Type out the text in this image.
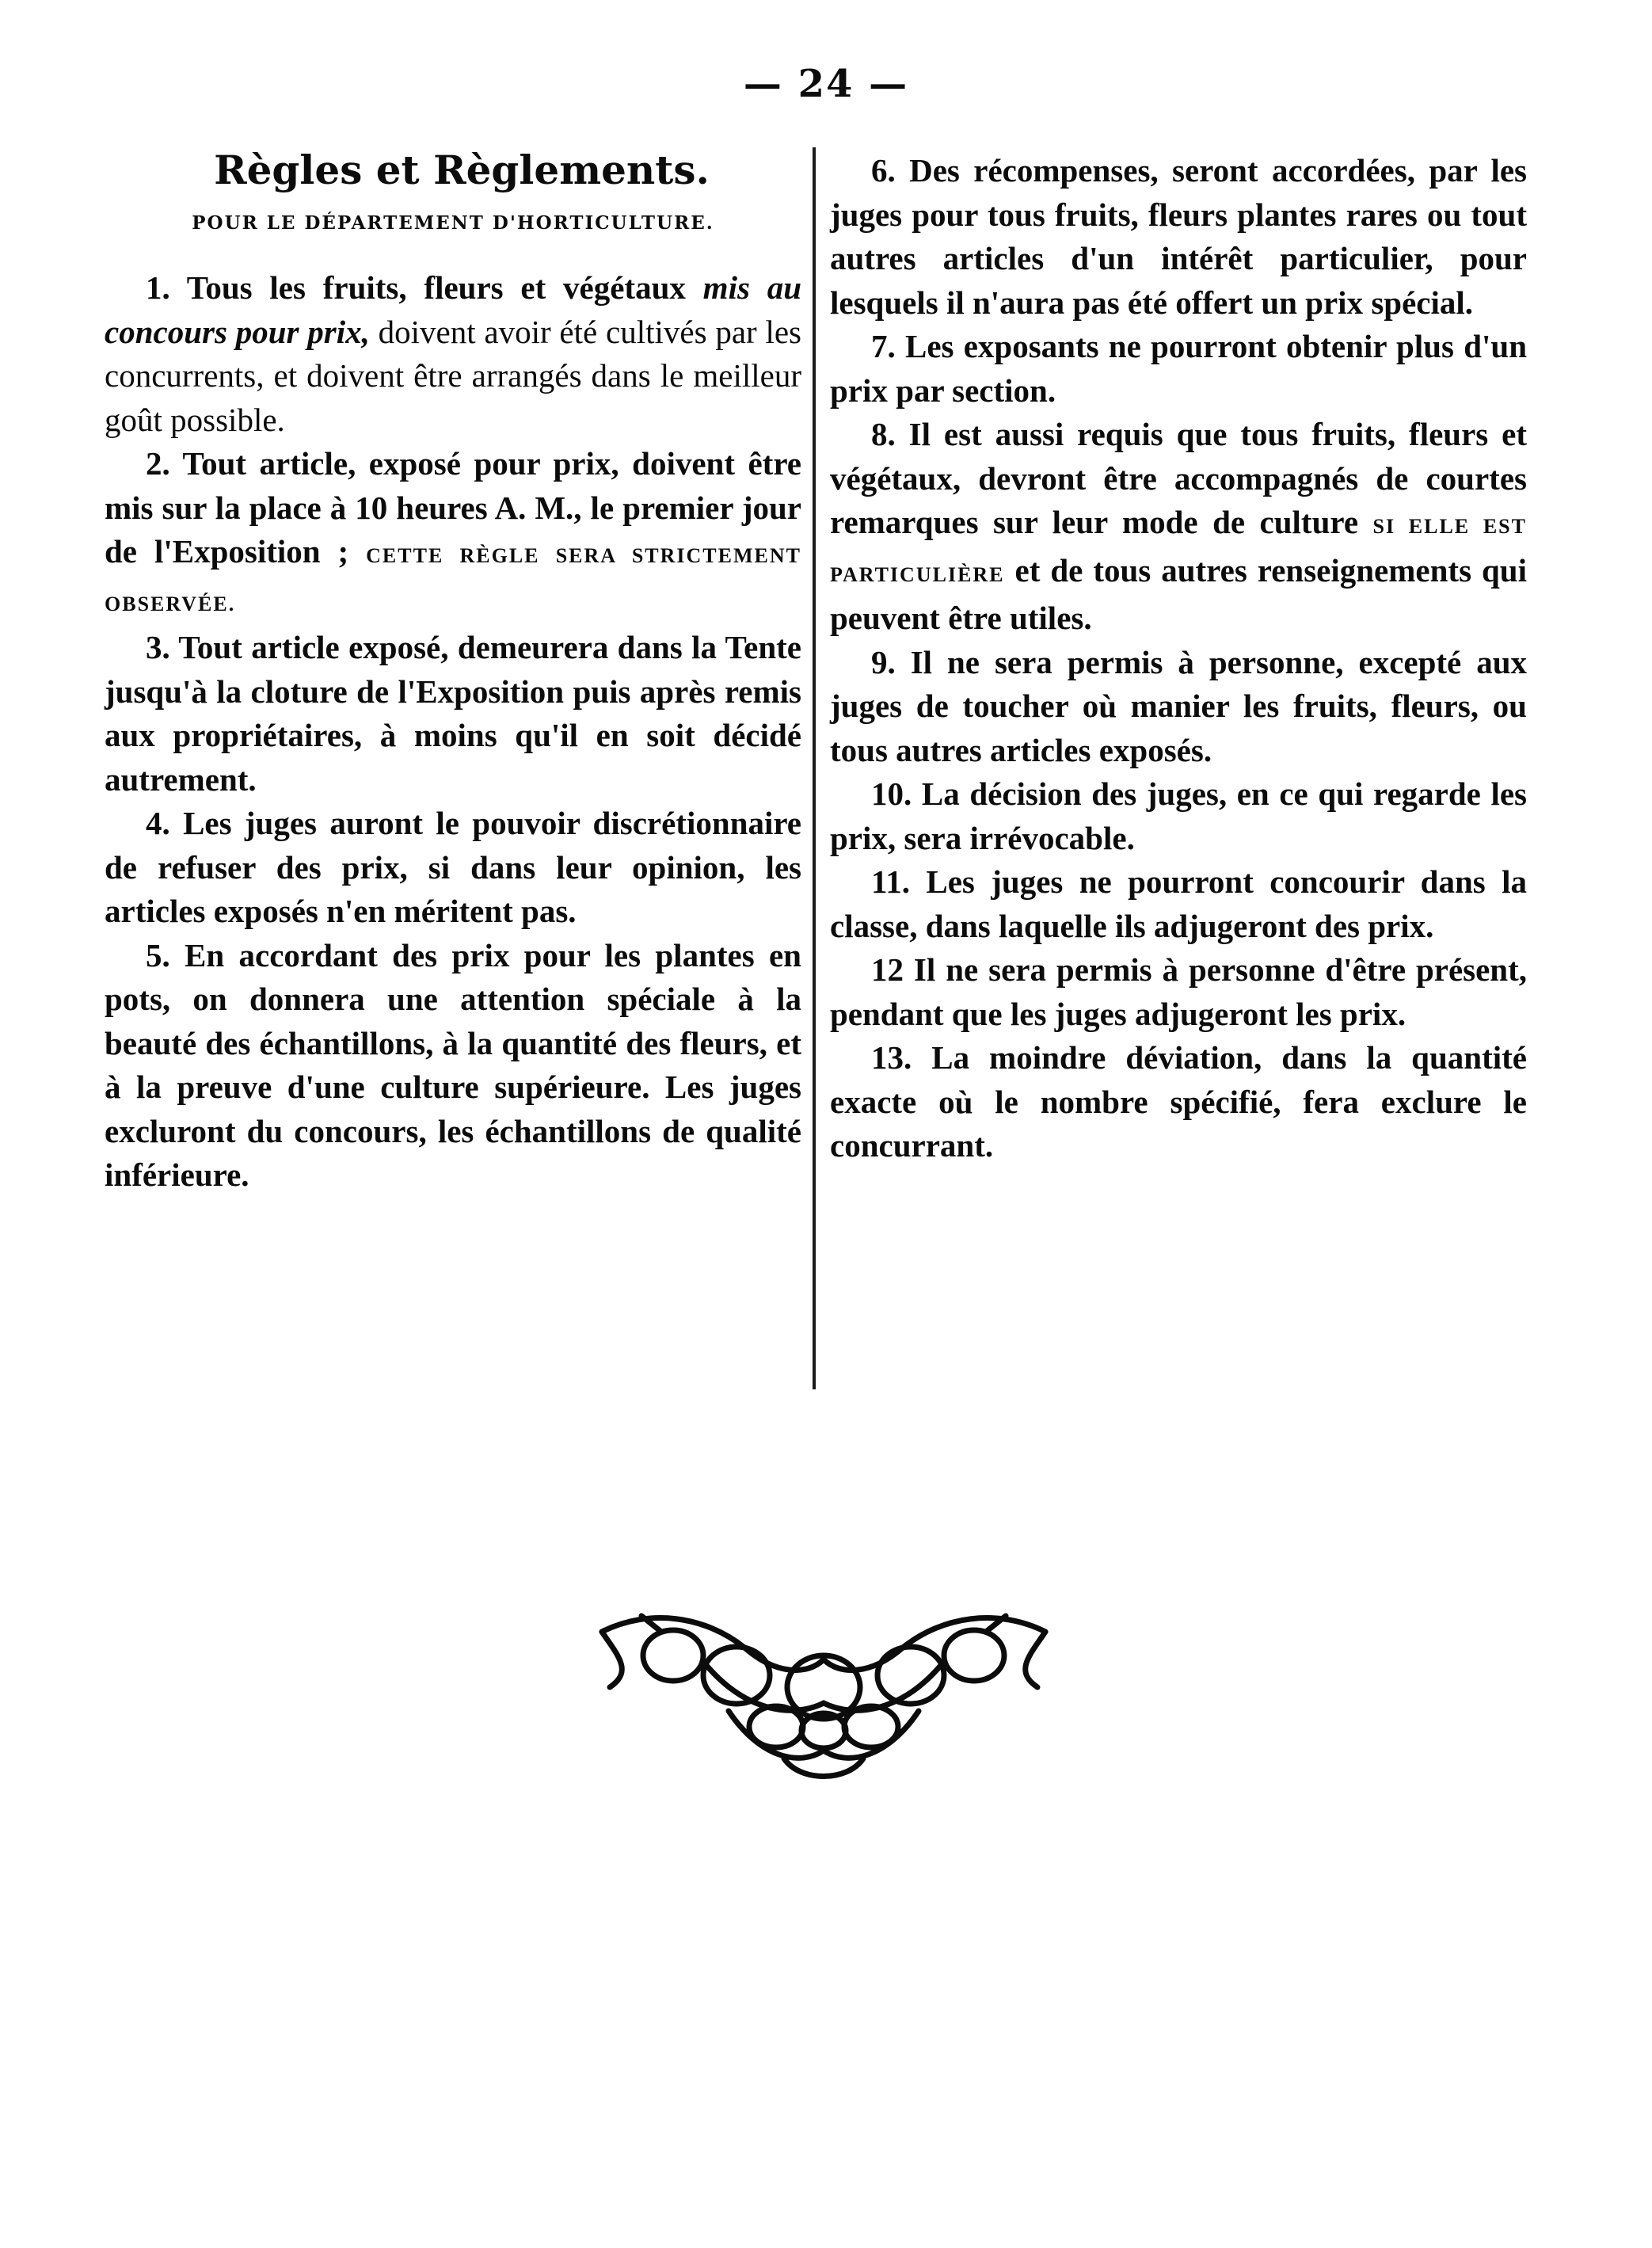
— 24 —
Règles et Règlements.
POUR LE DÉPARTEMENT D'HORTICULTURE.

1. Tous les fruits, fleurs et végétaux mis au concours pour prix, doivent avoir été cultivés par les concurrents, et doivent être arrangés dans le meilleur goût possible.

2. Tout article, exposé pour prix, doivent être mis sur la place à 10 heures A. M., le premier jour de l'Exposition ; CETTE RÈGLE SERA STRICTEMENT OBSERVÉE.

3. Tout article exposé, demeurera dans la Tente jusqu'à la cloture de l'Exposition puis après remis aux propriétaires, à moins qu'il en soit décidé autrement.

4. Les juges auront le pouvoir discrétionnaire de refuser des prix, si dans leur opinion, les articles exposés n'en méritent pas.

5. En accordant des prix pour les plantes en pots, on donnera une attention spéciale à la beauté des échantillons, à la quantité des fleurs, et à la preuve d'une culture supérieure. Les juges excluront du concours, les échantillons de qualité inférieure.

6. Des récompenses, seront accordées, par les juges pour tous fruits, fleurs plantes rares ou tout autres articles d'un intérêt particulier, pour lesquels il n'aura pas été offert un prix spécial.

7. Les exposants ne pourront obtenir plus d'un prix par section.

8. Il est aussi requis que tous fruits, fleurs et végétaux, devront être accompagnés de courtes remarques sur leur mode de culture SI ELLE EST PARTICULIÈRE et de tous autres renseignements qui peuvent être utiles.

9. Il ne sera permis à personne, excepté aux juges de toucher où manier les fruits, fleurs, ou tous autres articles exposés.

10. La décision des juges, en ce qui regarde les prix, sera irrévocable.

11. Les juges ne pourront concourir dans la classe, dans laquelle ils adjugeront des prix.

12 Il ne sera permis à personne d'être présent, pendant que les juges adjugeront les prix.

13. La moindre déviation, dans la quantité exacte où le nombre spécifié, fera exclure le concurrant.
